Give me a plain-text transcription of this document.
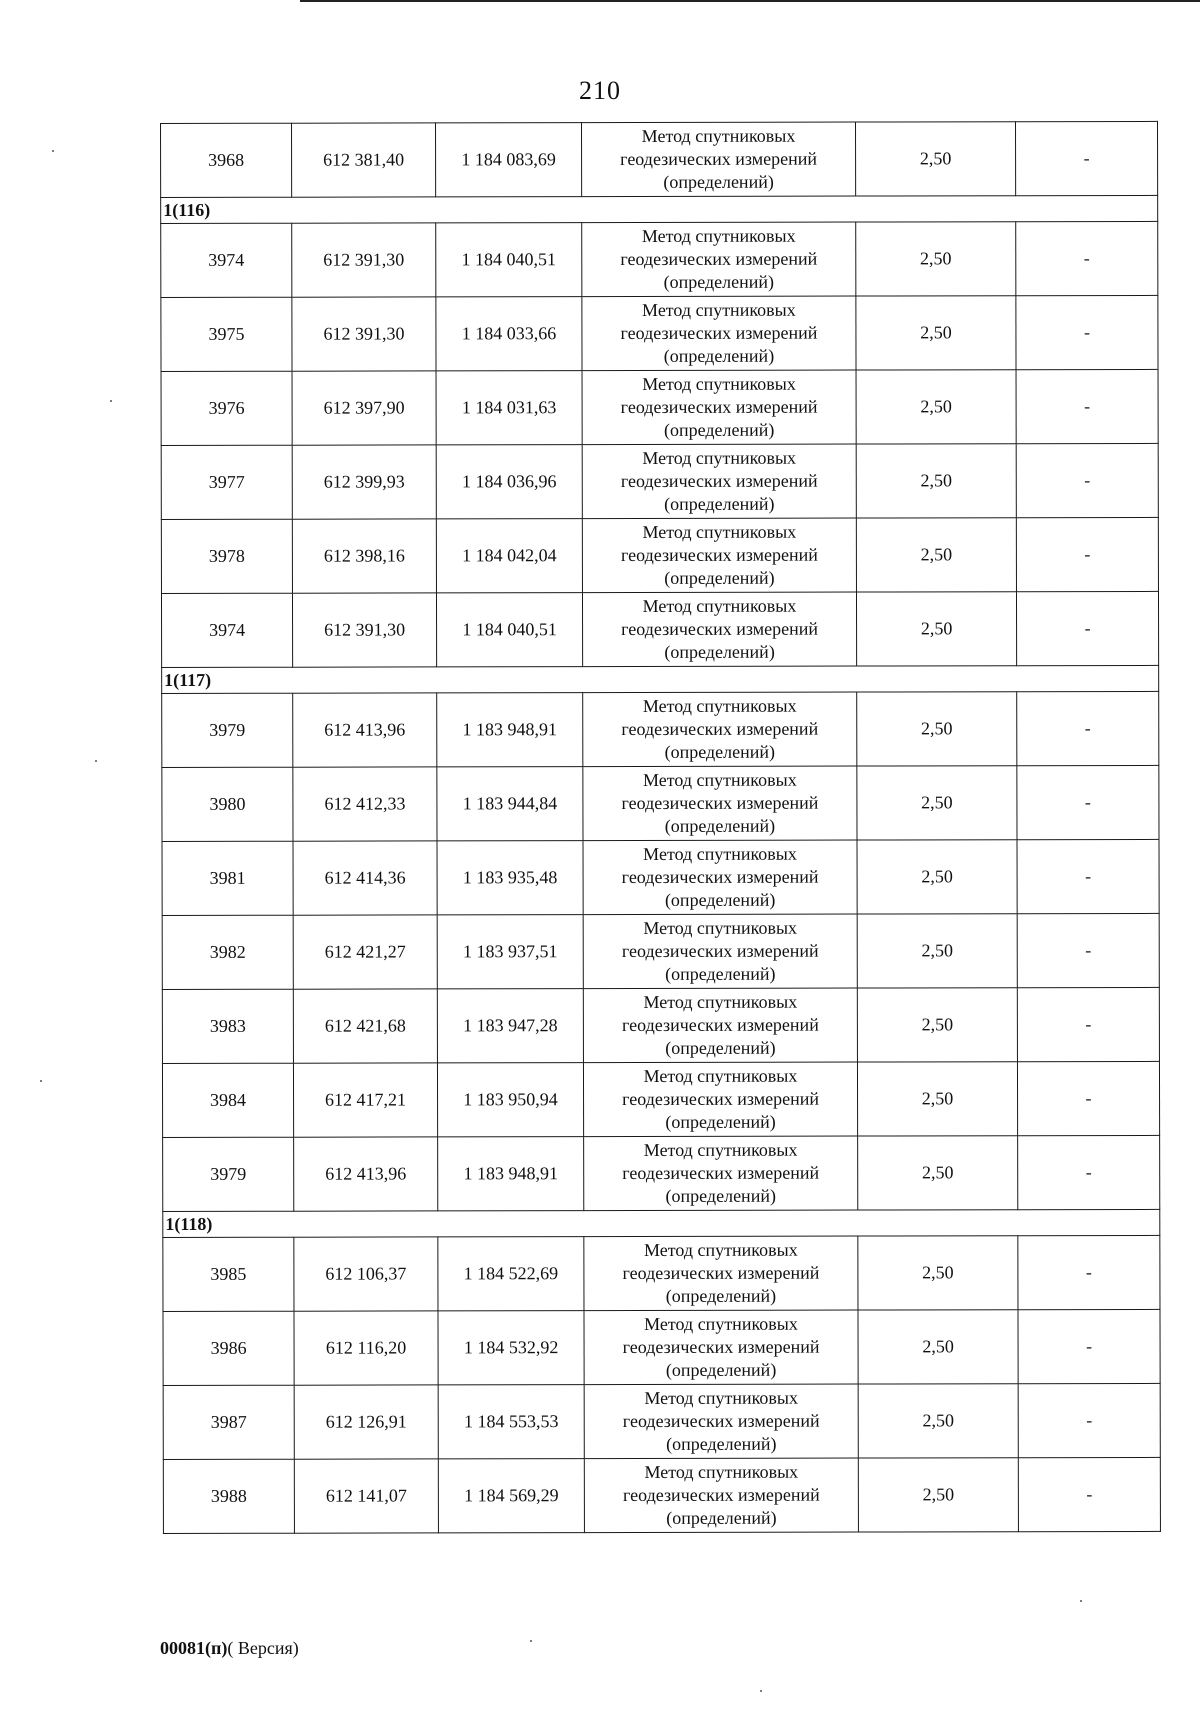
210
3968	612 381,40	1 184 083,69	Метод спутниковых
геодезических измерений
(определений)	2,50	-
1(116)					
3974	612 391,30	1 184 040,51	Метод спутниковых
геодезических измерений
(определений)	2,50	-
3975	612 391,30	1 184 033,66	Метод спутниковых
геодезических измерений
(определений)	2,50	-
3976	612 397,90	1 184 031,63	Метод спутниковых
геодезических измерений
(определений)	2,50	-
3977	612 399,93	1 184 036,96	Метод спутниковых
геодезических измерений
(определений)	2,50	-
3978	612 398,16	1 184 042,04	Метод спутниковых
геодезических измерений
(определений)	2,50	-
3974	612 391,30	1 184 040,51	Метод спутниковых
геодезических измерений
(определений)	2,50	-
1(117)					
3979	612 413,96	1 183 948,91	Метод спутниковых
геодезических измерений
(определений)	2,50	-
3980	612 412,33	1 183 944,84	Метод спутниковых
геодезических измерений
(определений)	2,50	-
3981	612 414,36	1 183 935,48	Метод спутниковых
геодезических измерений
(определений)	2,50	-
3982	612 421,27	1 183 937,51	Метод спутниковых
геодезических измерений
(определений)	2,50	-
3983	612 421,68	1 183 947,28	Метод спутниковых
геодезических измерений
(определений)	2,50	-
3984	612 417,21	1 183 950,94	Метод спутниковых
геодезических измерений
(определений)	2,50	-
3979	612 413,96	1 183 948,91	Метод спутниковых
геодезических измерений
(определений)	2,50	-
1(118)					
3985	612 106,37	1 184 522,69	Метод спутниковых
геодезических измерений
(определений)	2,50	-
3986	612 116,20	1 184 532,92	Метод спутниковых
геодезических измерений
(определений)	2,50	-
3987	612 126,91	1 184 553,53	Метод спутниковых
геодезических измерений
(определений)	2,50	-
3988	612 141,07	1 184 569,29	Метод спутниковых
геодезических измерений
(определений)	2,50	-
00081(п)( Версия)
